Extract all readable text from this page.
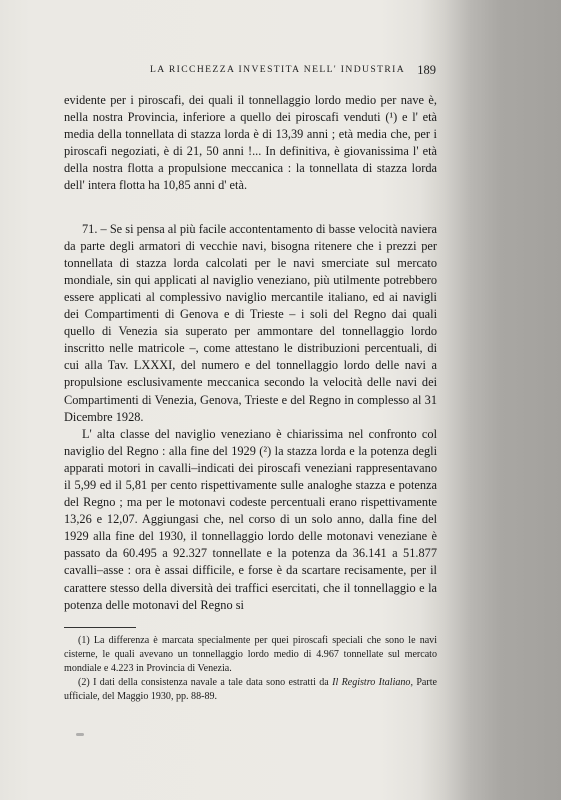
LA RICCHEZZA INVESTITA NELL' INDUSTRIA 189

evidente per i piroscafi, dei quali il tonnellaggio lordo medio per nave è, nella nostra Provincia, inferiore a quello dei piroscafi venduti (¹) e l' età media della tonnellata di stazza lorda è di 13,39 anni ; età media che, per i piroscafi negoziati, è di 21, 50 anni !... In definitiva, è giovanissima l' età della nostra flotta a propulsione meccanica : la tonnellata di stazza lorda dell' intera flotta ha 10,85 anni d' età.

71. – Se si pensa al più facile accontentamento di basse velocità naviera da parte degli armatori di vecchie navi, bisogna ritenere che i prezzi per tonnellata di stazza lorda calcolati per le navi smerciate sul mercato mondiale, sin qui applicati al naviglio veneziano, più utilmente potrebbero essere applicati al complessivo naviglio mercantile italiano, ed ai navigli dei Compartimenti di Genova e di Trieste – i soli del Regno dai quali quello di Venezia sia superato per ammontare del tonnellaggio lordo inscritto nelle matricole –, come attestano le distribuzioni percentuali, di cui alla Tav. LXXXI, del numero e del tonnellaggio lordo delle navi a propulsione esclusivamente meccanica secondo la velocità delle navi dei Compartimenti di Venezia, Genova, Trieste e del Regno in complesso al 31 Dicembre 1928.

L' alta classe del naviglio veneziano è chiarissima nel confronto col naviglio del Regno : alla fine del 1929 (²) la stazza lorda e la potenza degli apparati motori in cavalli–indicati dei piroscafi veneziani rappresentavano il 5,99 ed il 5,81 per cento rispettivamente sulle analoghe stazza e potenza del Regno ; ma per le motonavi codeste percentuali erano rispettivamente 13,26 e 12,07. Aggiungasi che, nel corso di un solo anno, dalla fine del 1929 alla fine del 1930, il tonnellaggio lordo delle motonavi veneziane è passato da 60.495 a 92.327 tonnellate e la potenza da 36.141 a 51.877 cavalli–asse : ora è assai difficile, e forse è da scartare recisamente, per il carattere stesso della diversità dei traffici esercitati, che il tonnellaggio e la potenza delle motonavi del Regno si

(1) La differenza è marcata specialmente per quei piroscafi speciali che sono le navi cisterne, le quali avevano un tonnellaggio lordo medio di 4.967 tonnellate sul mercato mondiale e 4.223 in Provincia di Venezia.

(2) I dati della consistenza navale a tale data sono estratti da Il Registro Italiano, Parte ufficiale, del Maggio 1930, pp. 88-89.
